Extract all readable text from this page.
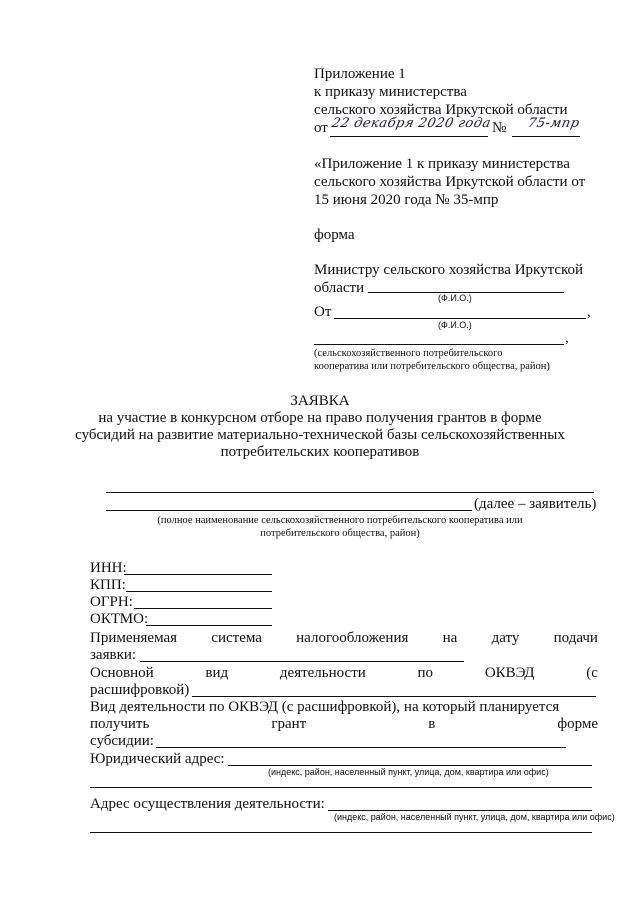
Приложение 1
к приказу министерства
сельского хозяйства Иркутской области
от 22 декабря 2020 года № 75-мпр
«Приложение 1 к приказу министерства
сельского хозяйства Иркутской области от
15 июня 2020 года № 35-мпр
форма
Министру сельского хозяйства Иркутской
области
(Ф.И.О.)
От	,
(Ф.И.О.)
,
(сельскохозяйственного потребительского
кооператива или потребительского общества, район)
ЗАЯВКА
на участие в конкурсном отборе на право получения грантов в форме
субсидий на развитие материально-технической базы сельскохозяйственных
потребительских кооперативов
(далее – заявитель)
(полное наименование сельскохозяйственного потребительского кооператива или
потребительского общества, район)
ИНН:
КПП:
ОГРН:
ОКТМО:
Применяемая система налогообложения на дату подачи
заявки:
Основной	вид	деятельности	по	ОКВЭД	(с
расшифровкой)
Вид деятельности по ОКВЭД (с расшифровкой), на который планируется
получить	грант	в	форме
субсидии:
Юридический адрес:
(индекс, район, населенный пункт, улица, дом, квартира или офис)
Адрес осуществления деятельности:
(индекс, район, населенный пункт, улица, дом, квартира или офис)
